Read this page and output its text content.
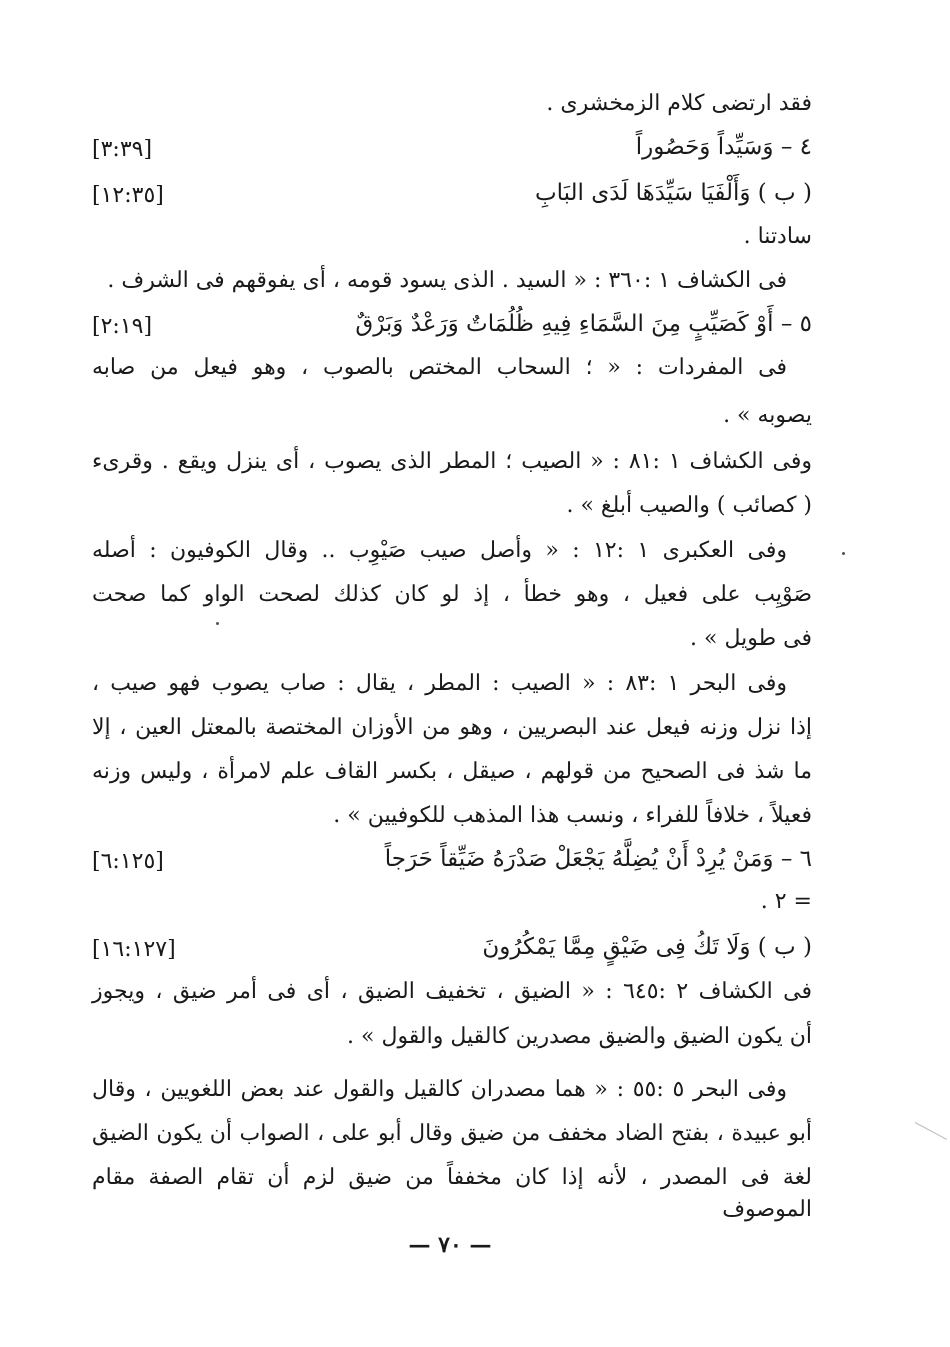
فقد ارتضى كلام الزمخشرى .
٤ – وَسَيِّداً وَحَصُوراً
[٣:٣٩]
( ب ) وَأَلْفَيَا سَيِّدَهَا لَدَى البَابِ
[١٢:٣٥]
سادتنا .
فى الكشاف ١ :٣٦٠ : « السيد . الذى يسود قومه ، أى يفوقهم فى الشرف .
٥ – أَوْ كَصَيِّبٍ مِنَ السَّمَاءِ فِيهِ ظُلُمَاتٌ وَرَعْدٌ وَبَرْقٌ
[٢:١٩]
فى المفردات : « ؛ السحاب المختص بالصوب ، وهو فيعل من صابه
يصوبه » .
وفى الكشاف ١ :٨١ : « الصيب ؛ المطر الذى يصوب ، أى ينزل ويقع . وقرىء
( كصائب ) والصيب أبلغ » .
وفى العكبرى ١ :١٢ : « وأصل صيب صَيْوِب .. وقال الكوفيون : أصله
صَوْيِب على فعيل ، وهو خطأ ، إذ لو كان كذلك لصحت الواو كما صحت
فى طويل » .
وفى البحر ١ :٨٣ : « الصيب : المطر ، يقال : صاب يصوب فهو صيب ،
إذا نزل وزنه فيعل عند البصريين ، وهو من الأوزان المختصة بالمعتل العين ، إلا
ما شذ فى الصحيح من قولهم ، صيقل ، بكسر القاف علم لامرأة ، وليس وزنه
فعيلاً ، خلافاً للفراء ، ونسب هذا المذهب للكوفيين » .
٦ – وَمَنْ يُرِدْ أَنْ يُضِلَّهُ يَجْعَلْ صَدْرَهُ ضَيِّقاً حَرَجاً
[٦:١٢٥]
= ٢ .
( ب ) وَلَا تَكُ فِى ضَيْقٍ مِمَّا يَمْكُرُونَ
[١٦:١٢٧]
فى الكشاف ٢ :٦٤٥ : « الضيق ، تخفيف الضيق ، أى فى أمر ضيق ، ويجوز
أن يكون الضيق والضيق مصدرين كالقيل والقول » .
وفى البحر ٥ :٥٥ : « هما مصدران كالقيل والقول عند بعض اللغويين ، وقال
أبو عبيدة ، بفتح الضاد مخفف من ضيق وقال أبو على ، الصواب أن يكون الضيق
لغة فى المصدر ، لأنه إذا كان مخففاً من ضيق لزم أن تقام الصفة مقام الموصوف
— ٧٠ —
